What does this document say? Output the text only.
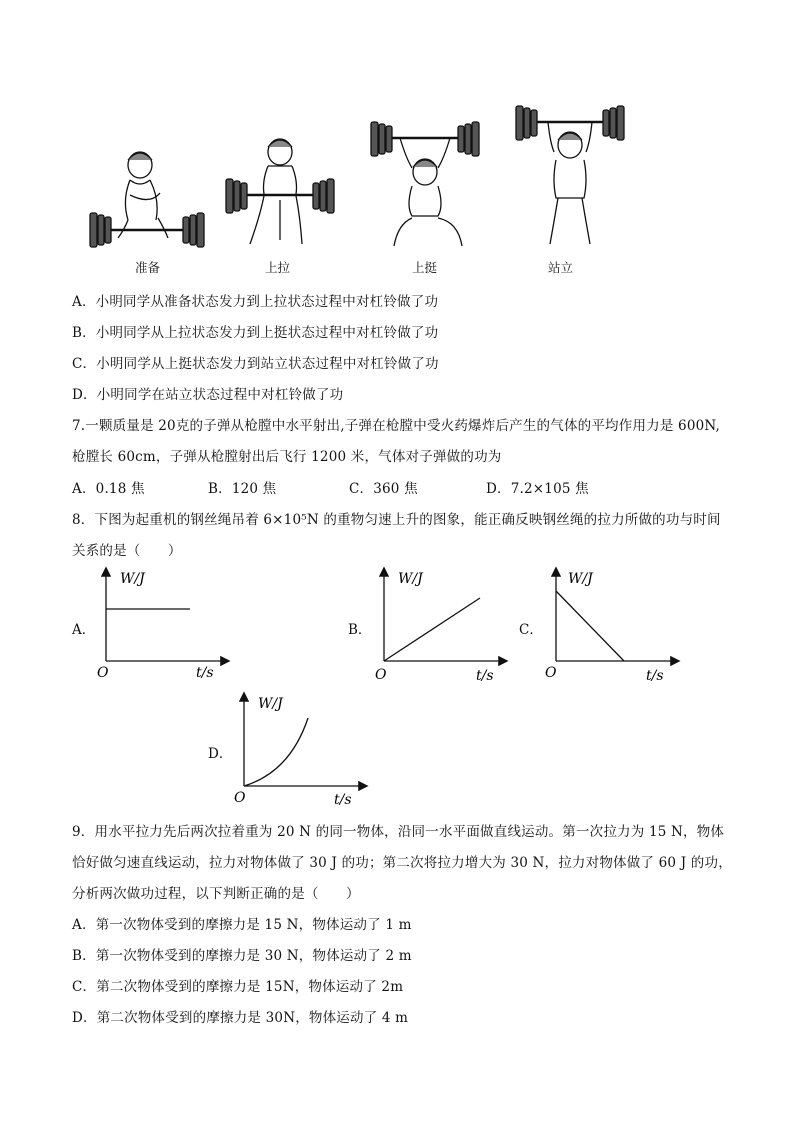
准备	上拉	上挺	站立
A．小明同学从准备状态发力到上拉状态过程中对杠铃做了功
B．小明同学从上拉状态发力到上挺状态过程中对杠铃做了功
C．小明同学从上挺状态发力到站立状态过程中对杠铃做了功
D．小明同学在站立状态过程中对杠铃做了功
7.一颗质量是 20克的子弹从枪膛中水平射出,子弹在枪膛中受火药爆炸后产生的气体的平均作用力是 600N,
枪膛长 60cm，子弹从枪膛射出后飞行 1200 米，气体对子弹做的功为
A．0.18 焦	B．120 焦	C．360 焦	D．7.2×105 焦
8．下图为起重机的钢丝绳吊着 6×10⁵N 的重物匀速上升的图象，能正确反映钢丝绳的拉力所做的功与时间
关系的是（　　）
A．	B．	C．
D．
W/J
t/s
O
W/J
t/s
O
W/J
t/s
O
W/J
t/s
O
9．用水平拉力先后两次拉着重为 20 N 的同一物体，沿同一水平面做直线运动。第一次拉力为 15 N，物体
恰好做匀速直线运动，拉力对物体做了 30 J 的功；第二次将拉力增大为 30 N，拉力对物体做了 60 J 的功，
分析两次做功过程，以下判断正确的是（　　）
A．第一次物体受到的摩擦力是 15 N，物体运动了 1 m
B．第一次物体受到的摩擦力是 30 N，物体运动了 2 m
C．第二次物体受到的摩擦力是 15N，物体运动了 2m
D．第二次物体受到的摩擦力是 30N，物体运动了 4 m
